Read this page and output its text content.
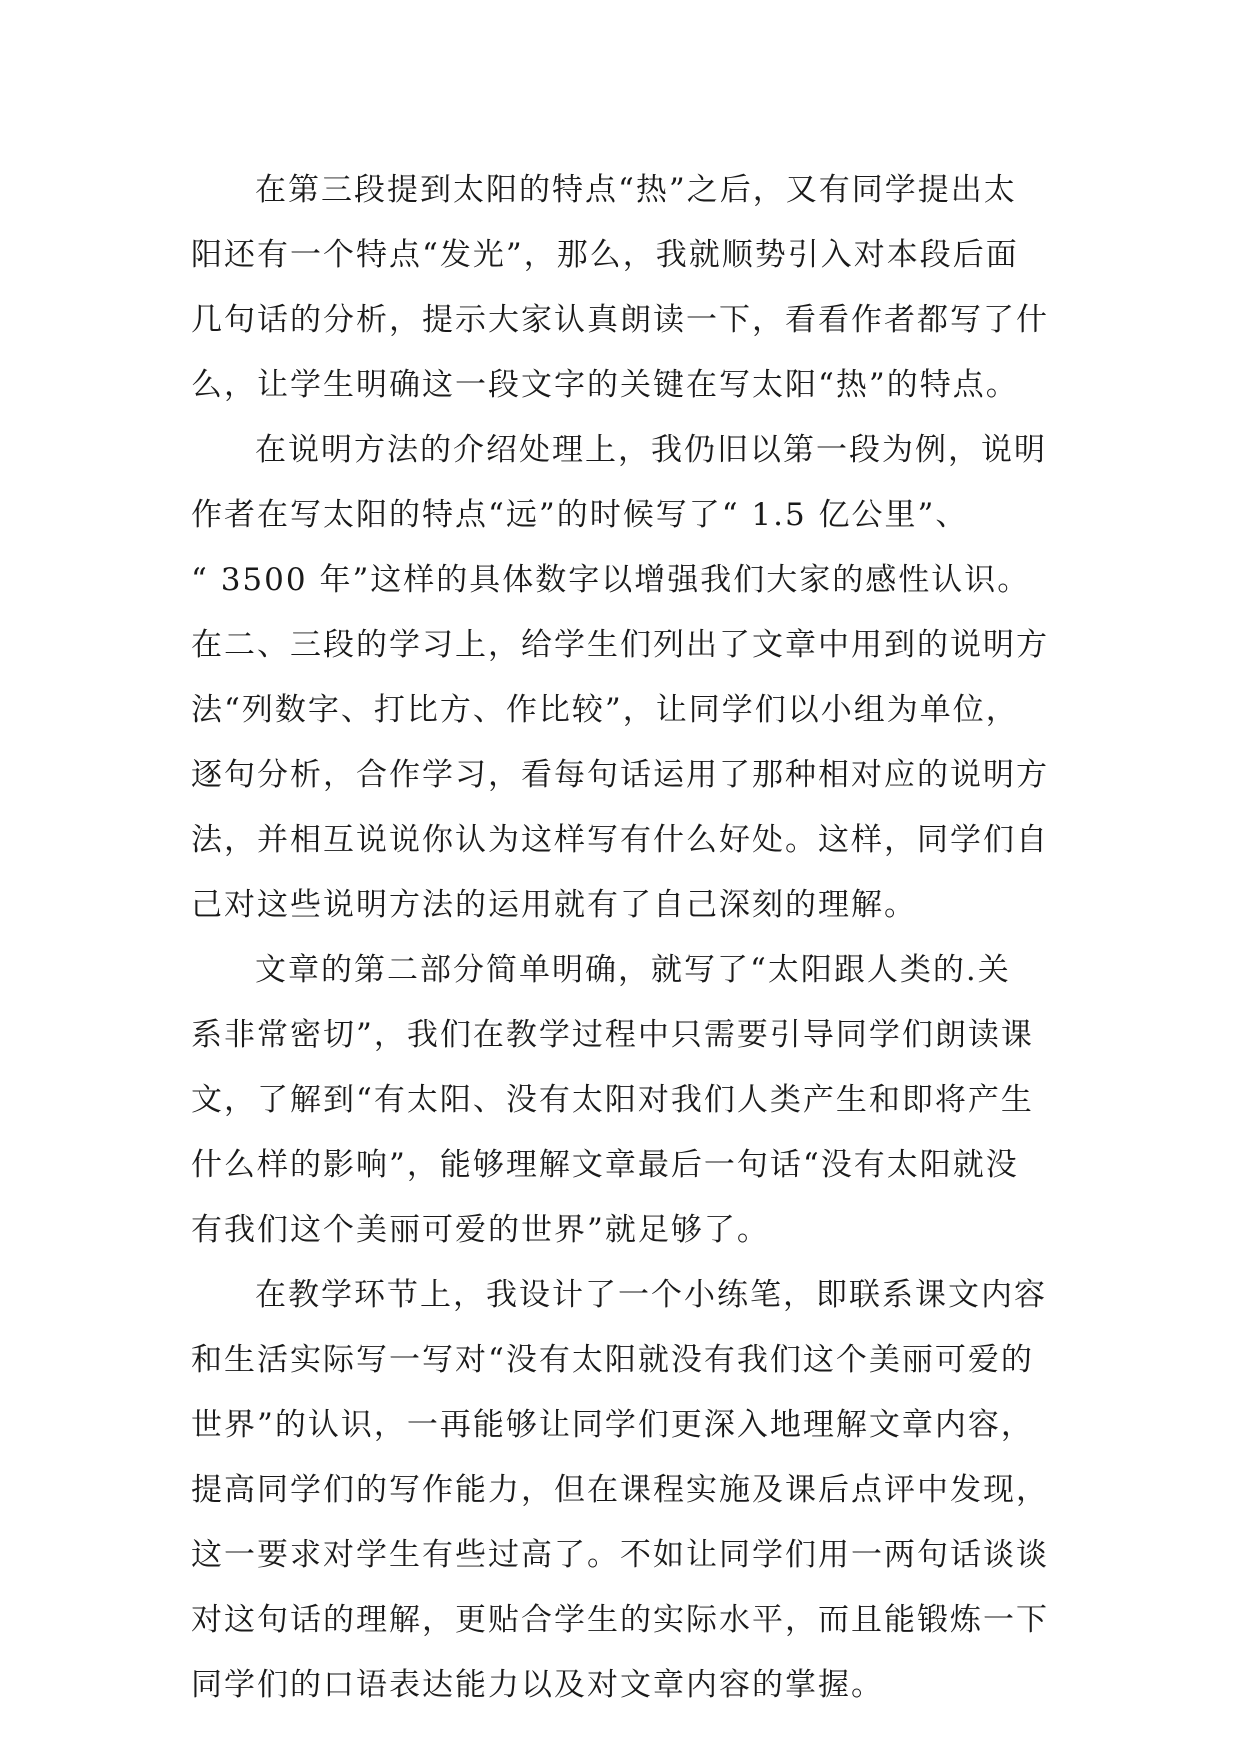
在第三段提到太阳的特点“热”之后，又有同学提出太
阳还有一个特点“发光”，那么，我就顺势引入对本段后面
几句话的分析，提示大家认真朗读一下，看看作者都写了什
么，让学生明确这一段文字的关键在写太阳“热”的特点。
在说明方法的介绍处理上，我仍旧以第一段为例，说明
作者在写太阳的特点“远”的时候写了“ 1.5 亿公里”、
“ 3500 年”这样的具体数字以增强我们大家的感性认识。
在二、三段的学习上，给学生们列出了文章中用到的说明方
法“列数字、打比方、作比较”，让同学们以小组为单位，
逐句分析，合作学习，看每句话运用了那种相对应的说明方
法，并相互说说你认为这样写有什么好处。这样，同学们自
己对这些说明方法的运用就有了自己深刻的理解。
文章的第二部分简单明确，就写了“太阳跟人类的.关
系非常密切”，我们在教学过程中只需要引导同学们朗读课
文，了解到“有太阳、没有太阳对我们人类产生和即将产生
什么样的影响”，能够理解文章最后一句话“没有太阳就没
有我们这个美丽可爱的世界”就足够了。
在教学环节上，我设计了一个小练笔，即联系课文内容
和生活实际写一写对“没有太阳就没有我们这个美丽可爱的
世界”的认识，一再能够让同学们更深入地理解文章内容，
提高同学们的写作能力，但在课程实施及课后点评中发现，
这一要求对学生有些过高了。不如让同学们用一两句话谈谈
对这句话的理解，更贴合学生的实际水平，而且能锻炼一下
同学们的口语表达能力以及对文章内容的掌握。
